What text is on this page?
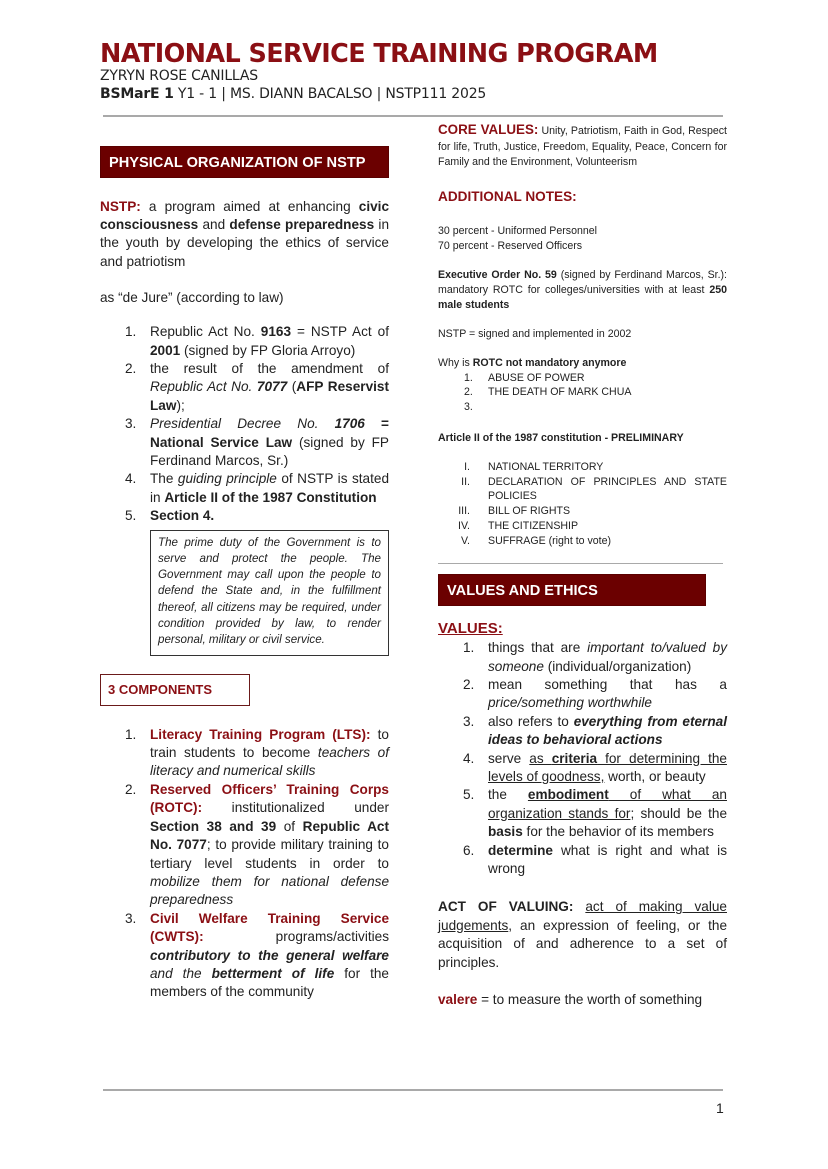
NATIONAL SERVICE TRAINING PROGRAM
ZYRYN ROSE CANILLAS
BSMarE 1 Y1 - 1 | MS. DIANN BACALSO | NSTP111 2025
PHYSICAL ORGANIZATION OF NSTP
NSTP: a program aimed at enhancing civic consciousness and defense preparedness in the youth by developing the ethics of service and patriotism
as “de Jure” (according to law)
1. Republic Act No. 9163 = NSTP Act of 2001 (signed by FP Gloria Arroyo)
2. the result of the amendment of Republic Act No. 7077 (AFP Reservist Law);
3. Presidential Decree No. 1706 = National Service Law (signed by FP Ferdinand Marcos, Sr.)
4. The guiding principle of NSTP is stated in Article II of the 1987 Constitution
5. Section 4.
The prime duty of the Government is to serve and protect the people. The Government may call upon the people to defend the State and, in the fulfillment thereof, all citizens may be required, under condition provided by law, to render personal, military or civil service.
3 COMPONENTS
1. Literacy Training Program (LTS): to train students to become teachers of literacy and numerical skills
2. Reserved Officers’ Training Corps (ROTC): institutionalized under Section 38 and 39 of Republic Act No. 7077; to provide military training to tertiary level students in order to mobilize them for national defense preparedness
3. Civil Welfare Training Service (CWTS): programs/activities contributory to the general welfare and the betterment of life for the members of the community
CORE VALUES: Unity, Patriotism, Faith in God, Respect for life, Truth, Justice, Freedom, Equality, Peace, Concern for Family and the Environment, Volunteerism
ADDITIONAL NOTES:
30 percent - Uniformed Personnel
70 percent - Reserved Officers
Executive Order No. 59 (signed by Ferdinand Marcos, Sr.): mandatory ROTC for colleges/universities with at least 250 male students
NSTP = signed and implemented in 2002
Why is ROTC not mandatory anymore
1. ABUSE OF POWER
2. THE DEATH OF MARK CHUA
3.

Article II of the 1987 constitution - PRELIMINARY
I. NATIONAL TERRITORY
II. DECLARATION OF PRINCIPLES AND STATE POLICIES
III. BILL OF RIGHTS
IV. THE CITIZENSHIP
V. SUFFRAGE (right to vote)
VALUES AND ETHICS
VALUES:
1. things that are important to/valued by someone (individual/organization)
2. mean something that has a price/something worthwhile
3. also refers to everything from eternal ideas to behavioral actions
4. serve as criteria for determining the levels of goodness, worth, or beauty
5. the embodiment of what an organization stands for; should be the basis for the behavior of its members
6. determine what is right and what is wrong
ACT OF VALUING: act of making value judgements, an expression of feeling, or the acquisition of and adherence to a set of principles.
valere = to measure the worth of something
1
